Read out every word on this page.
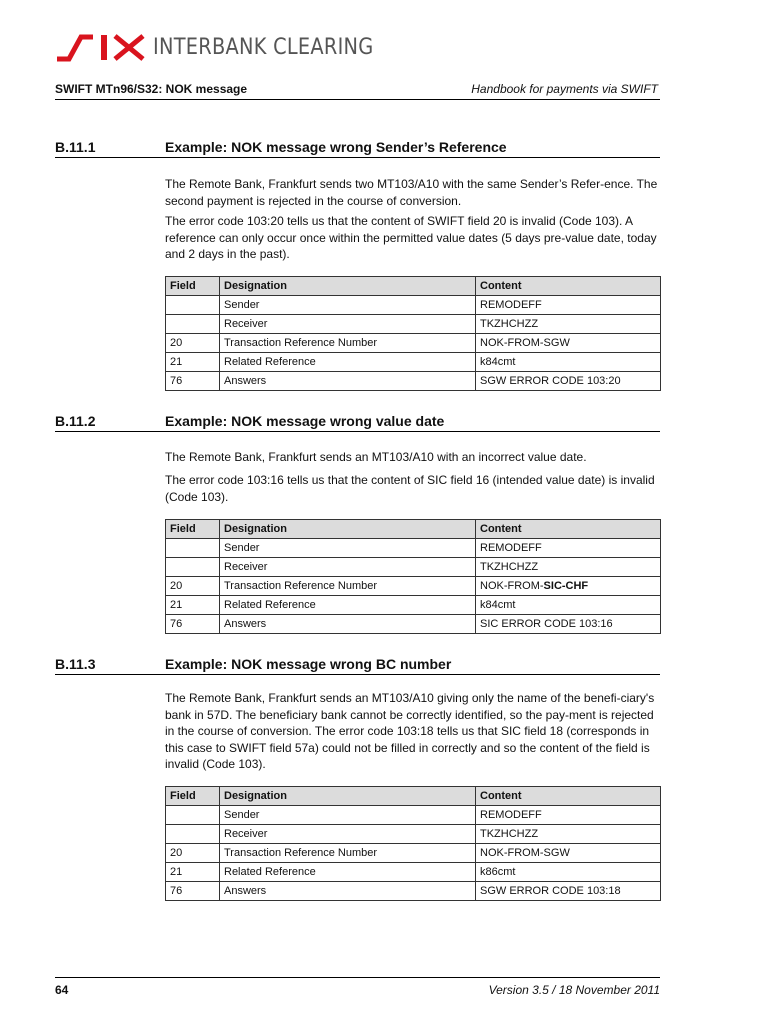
INTERBANK CLEARING
SWIFT MTn96/S32: NOK message	Handbook for payments via SWIFT
B.11.1	Example: NOK message wrong Sender’s Reference

The Remote Bank, Frankfurt sends two MT103/A10 with the same Sender’s Refer-ence. The second payment is rejected in the course of conversion.

The error code 103:20 tells us that the content of SWIFT field 20 is invalid (Code 103). A reference can only occur once within the permitted value dates (5 days pre-value date, today and 2 days in the past).

Field	Designation	Content
	Sender	REMODEFF
	Receiver	TKZHCHZZ
20	Transaction Reference Number	NOK-FROM-SGW
21	Related Reference	k84cmt
76	Answers	SGW ERROR CODE 103:20
B.11.2	Example: NOK message wrong value date

The Remote Bank, Frankfurt sends an MT103/A10 with an incorrect value date.

The error code 103:16 tells us that the content of SIC field 16 (intended value date) is invalid (Code 103).

Field	Designation	Content
	Sender	REMODEFF
	Receiver	TKZHCHZZ
20	Transaction Reference Number	NOK-FROM-SIC-CHF
21	Related Reference	k84cmt
76	Answers	SIC ERROR CODE 103:16
B.11.3	Example: NOK message wrong BC number

The Remote Bank, Frankfurt sends an MT103/A10 giving only the name of the benefi-ciary's bank in 57D. The beneficiary bank cannot be correctly identified, so the pay-ment is rejected in the course of conversion. The error code 103:18 tells us that SIC field 18 (corresponds in this case to SWIFT field 57a) could not be filled in correctly and so the content of the field is invalid (Code 103).

Field	Designation	Content
	Sender	REMODEFF
	Receiver	TKZHCHZZ
20	Transaction Reference Number	NOK-FROM-SGW
21	Related Reference	k86cmt
76	Answers	SGW ERROR CODE 103:18
64	Version 3.5 / 18 November 2011
